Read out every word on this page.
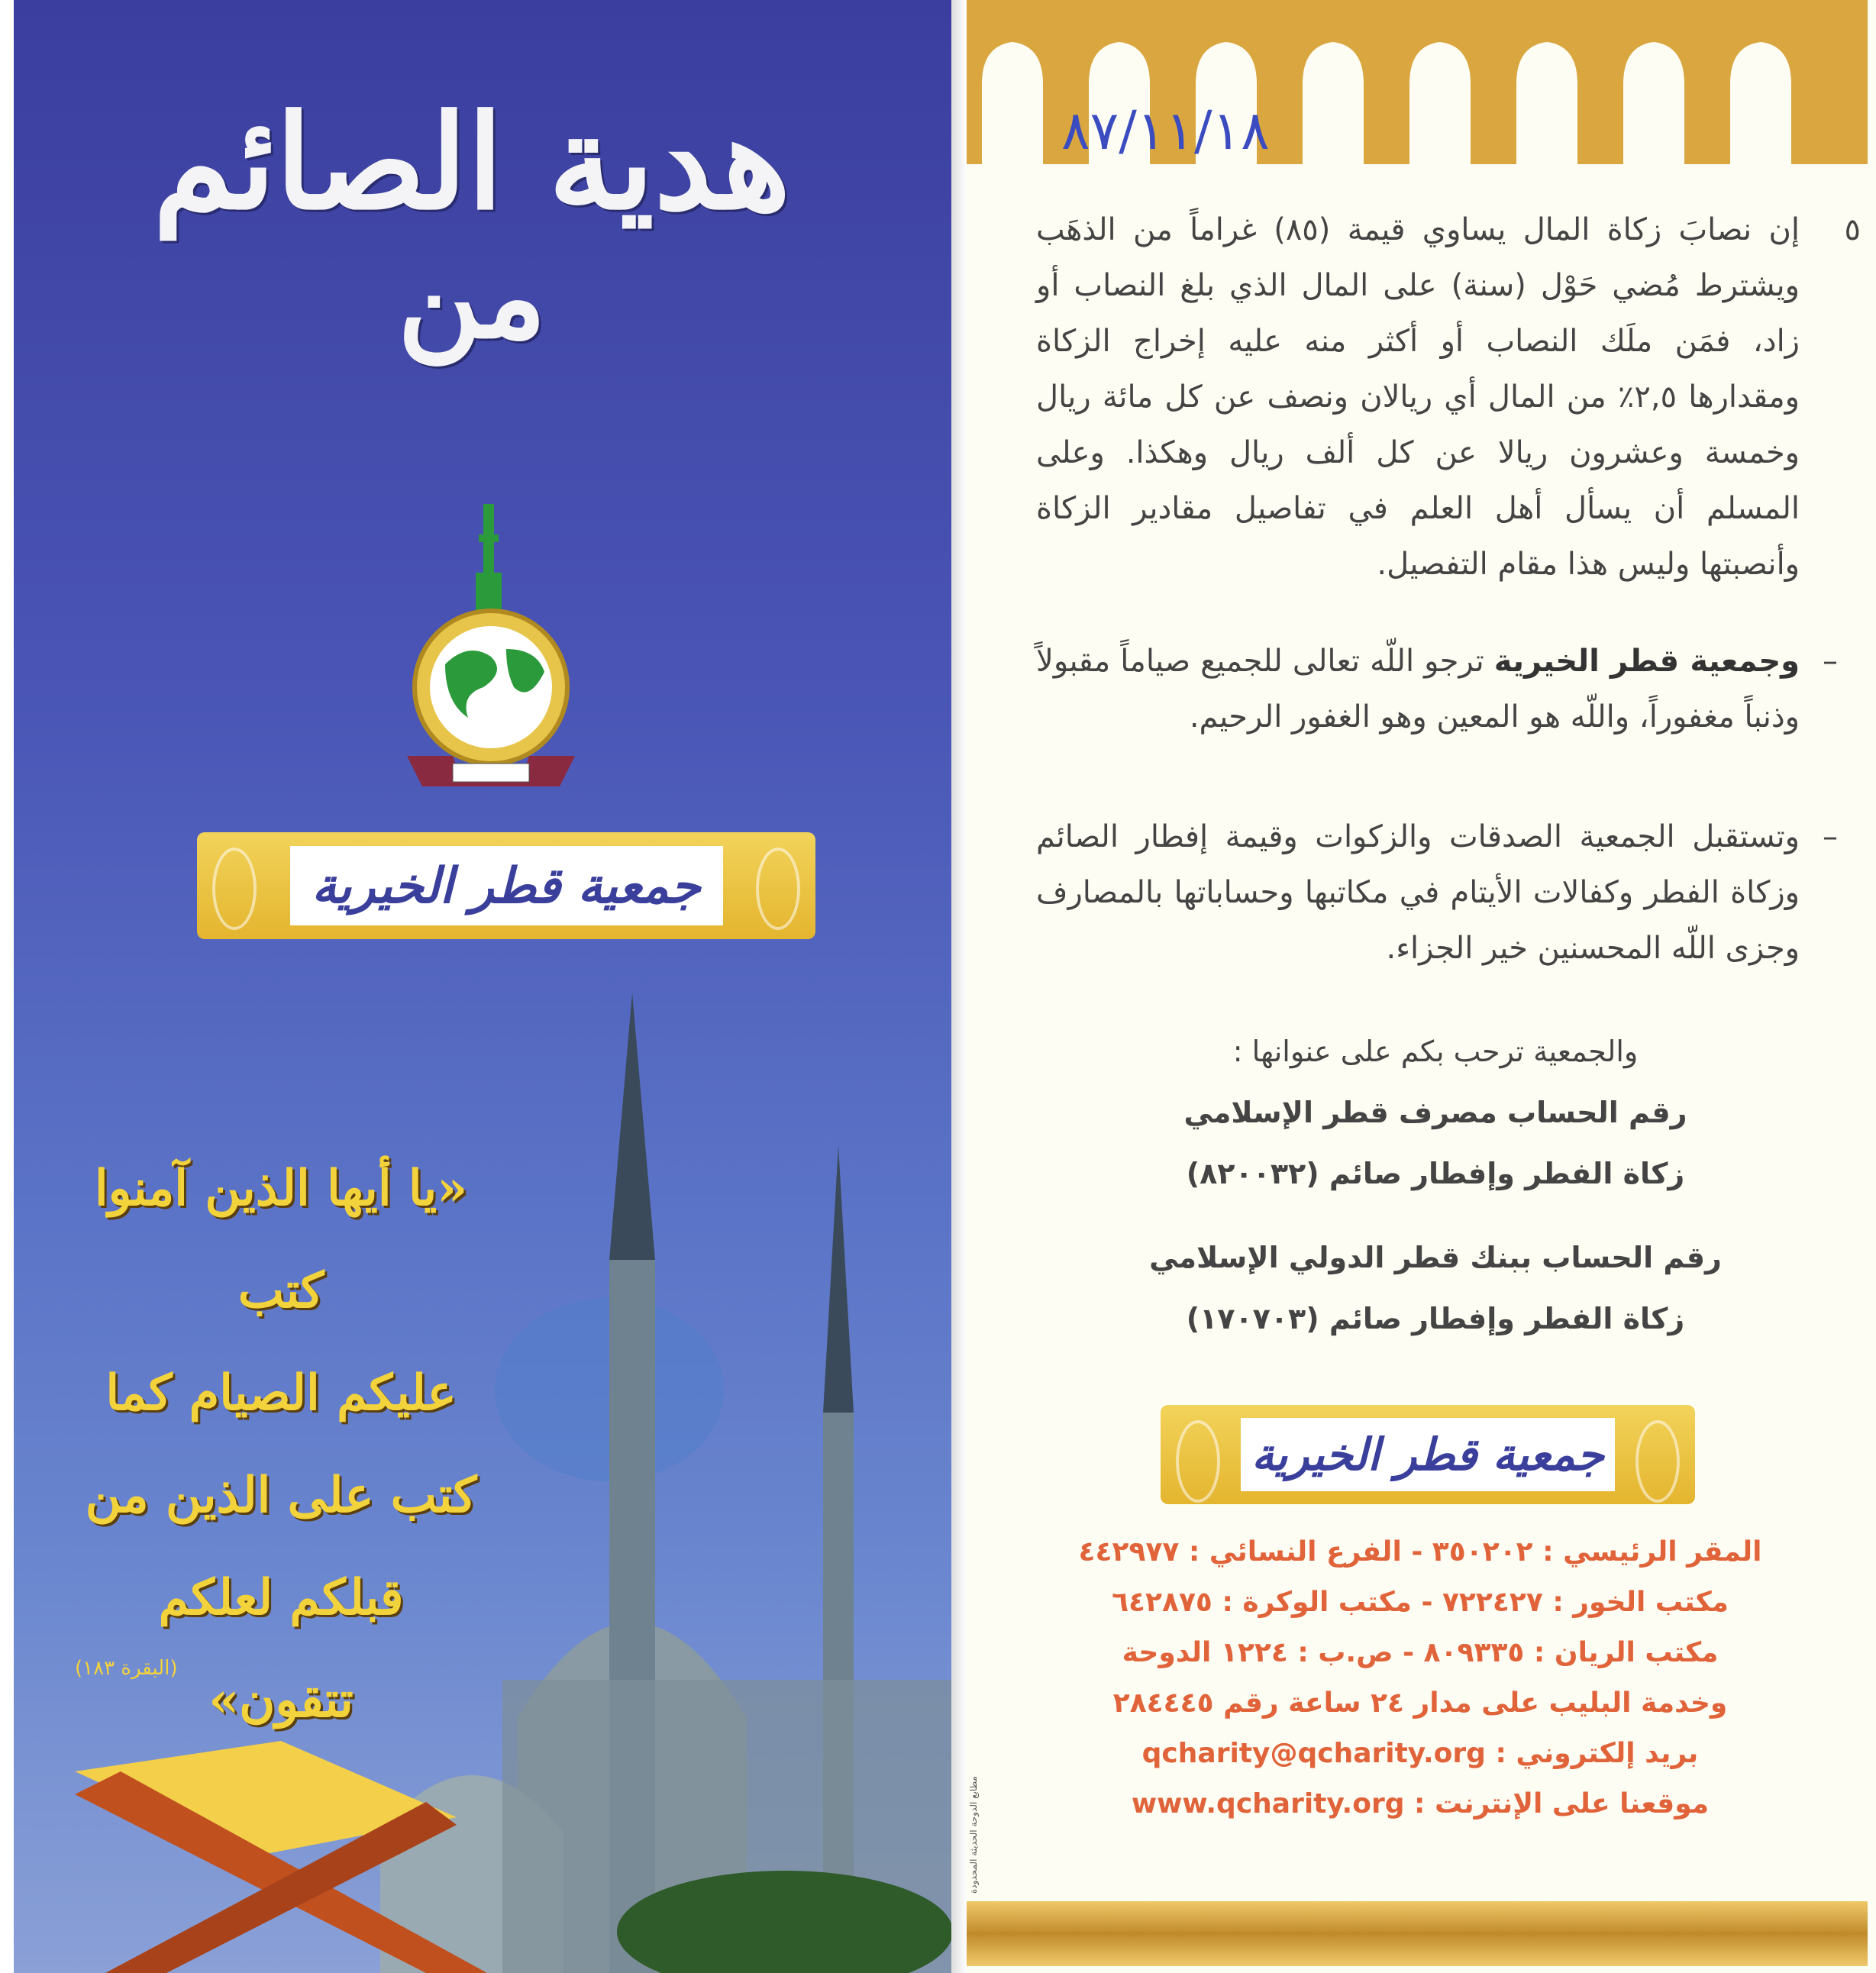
هدية الصائم
من
جمعية قطر الخيرية
«يا أيها الذين آمنوا كتب
عليكم الصيام كما
كتب على الذين من
قبلكم لعلكم
تتقون»
(البقرة ١٨٣)
٨٧/١١/١٨
٥
إن نصابَ زكاة المال يساوي قيمة (٨٥) غراماً من الذهَب ويشترط مُضي حَوْل (سنة) على المال الذي بلغ النصاب أو زاد، فمَن ملَك النصاب أو أكثر منه عليه إخراج الزكاة ومقدارها ٢,٥٪ من المال أي ريالان ونصف عن كل مائة ريال وخمسة وعشرون ريالا عن كل ألف ريال وهكذا. وعلى المسلم أن يسأل أهل العلم في تفاصيل مقادير الزكاة وأنصبتها وليس هذا مقام التفصيل.
–
وجمعية قطر الخيرية ترجو اللّه تعالى للجميع صياماً مقبولاً وذنباً مغفوراً، واللّه هو المعين وهو الغفور الرحيم.
–
وتستقبل الجمعية الصدقات والزكوات وقيمة إفطار الصائم وزكاة الفطر وكفالات الأيتام في مكاتبها وحساباتها بالمصارف وجزى اللّه المحسنين خير الجزاء.
والجمعية ترحب بكم على عنوانها :
رقم الحساب مصرف قطر الإسلامي
زكاة الفطر وإفطار صائم (٨٢٠٠٣٢)
رقم الحساب ببنك قطر الدولي الإسلامي
زكاة الفطر وإفطار صائم (١٧٠٧٠٣)
جمعية قطر الخيرية
مطابع الدوحة الحديثة المحدودة
المقر الرئيسي : ٣٥٠٢٠٢ - الفرع النسائي : ٤٤٢٩٧٧
مكتب الخور : ٧٢٢٤٢٧ - مكتب الوكرة : ٦٤٢٨٧٥
مكتب الريان : ٨٠٩٣٣٥ - ص.ب : ١٢٢٤ الدوحة
وخدمة البليب على مدار ٢٤ ساعة رقم ٢٨٤٤٤٥
بريد إلكتروني : qcharity@qcharity.org
موقعنا على الإنترنت : www.qcharity.org
